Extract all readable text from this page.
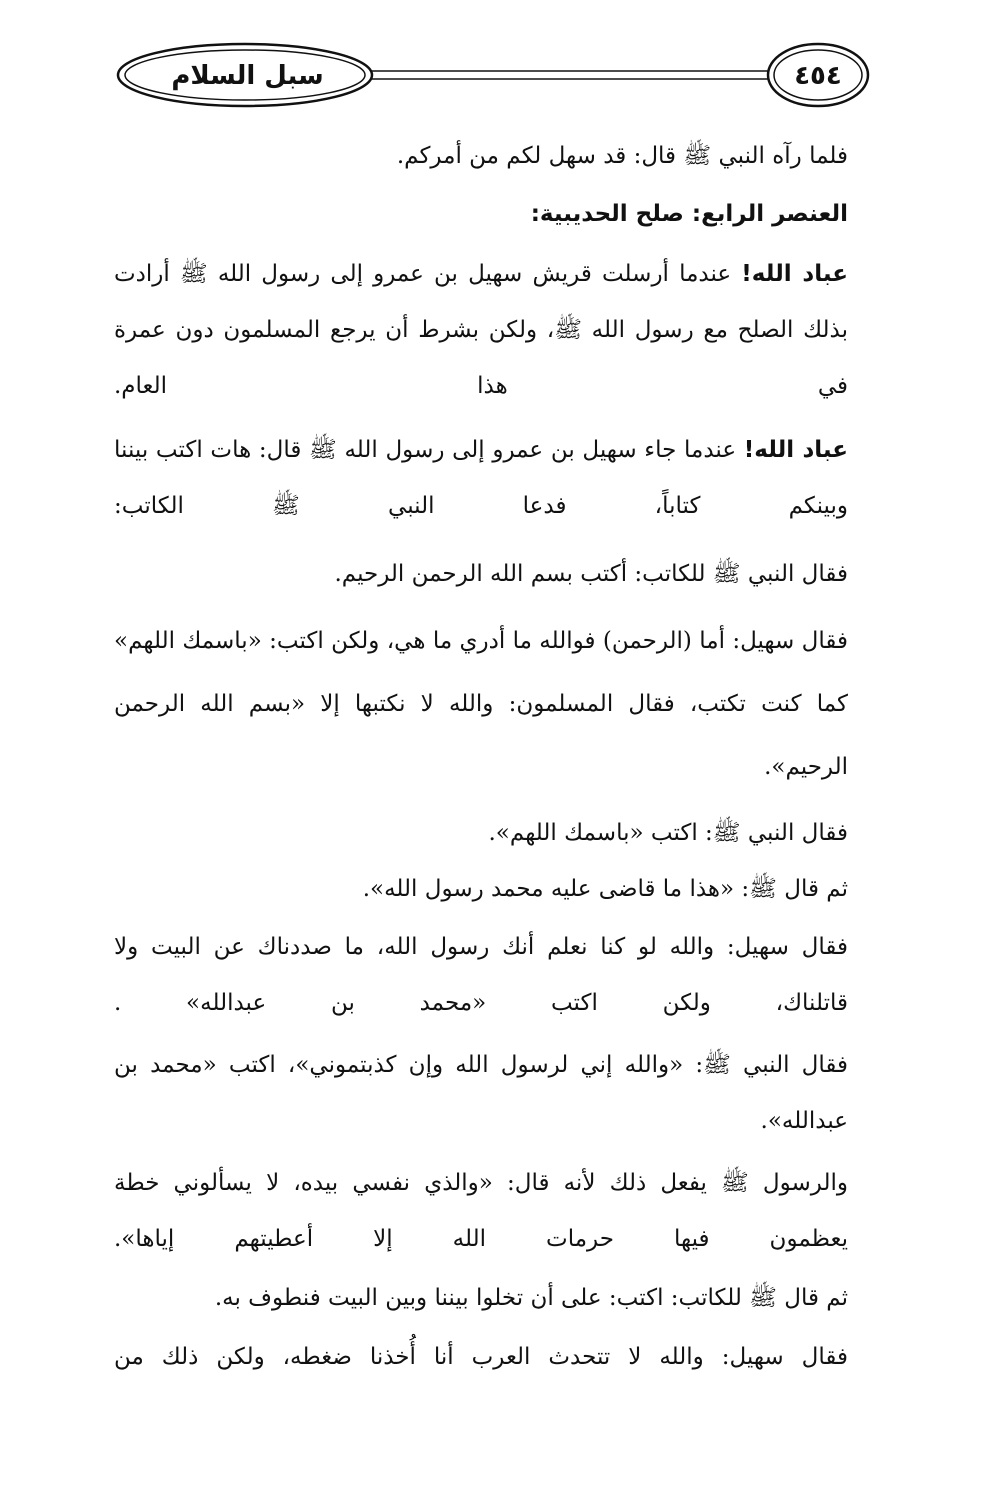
سبل السلام	٤٥٤

فلما رآه النبي ﷺ قال: قد سهل لكم من أمركم.

العنصر الرابع: صلح الحديبية:

عباد الله! عندما أرسلت قريش سهيل بن عمرو إلى رسول الله ﷺ أرادت بذلك الصلح مع رسول الله ﷺ، ولكن بشرط أن يرجع المسلمون دون عمرة في هذا العام.

عباد الله! عندما جاء سهيل بن عمرو إلى رسول الله ﷺ قال: هات اكتب بيننا وبينكم كتاباً، فدعا النبي ﷺ الكاتب:

فقال النبي ﷺ للكاتب: أكتب بسم الله الرحمن الرحيم.

فقال سهيل: أما (الرحمن) فوالله ما أدري ما هي، ولكن اكتب: «باسمك اللهم» كما كنت تكتب، فقال المسلمون: والله لا نكتبها إلا «بسم الله الرحمن الرحيم».

فقال النبي ﷺ: اكتب «باسمك اللهم».

ثم قال ﷺ: «هذا ما قاضى عليه محمد رسول الله».

فقال سهيل: والله لو كنا نعلم أنك رسول الله، ما صددناك عن البيت ولا قاتلناك، ولكن اكتب «محمد بن عبدالله» .

فقال النبي ﷺ: «والله إني لرسول الله وإن كذبتموني»، اكتب «محمد بن عبدالله».

والرسول ﷺ يفعل ذلك لأنه قال: «والذي نفسي بيده، لا يسألوني خطة يعظمون فيها حرمات الله إلا أعطيتهم إياها».

ثم قال ﷺ للكاتب: اكتب: على أن تخلوا بيننا وبين البيت فنطوف به.

فقال سهيل: والله لا تتحدث العرب أنا أُخذنا ضغطه، ولكن ذلك من
